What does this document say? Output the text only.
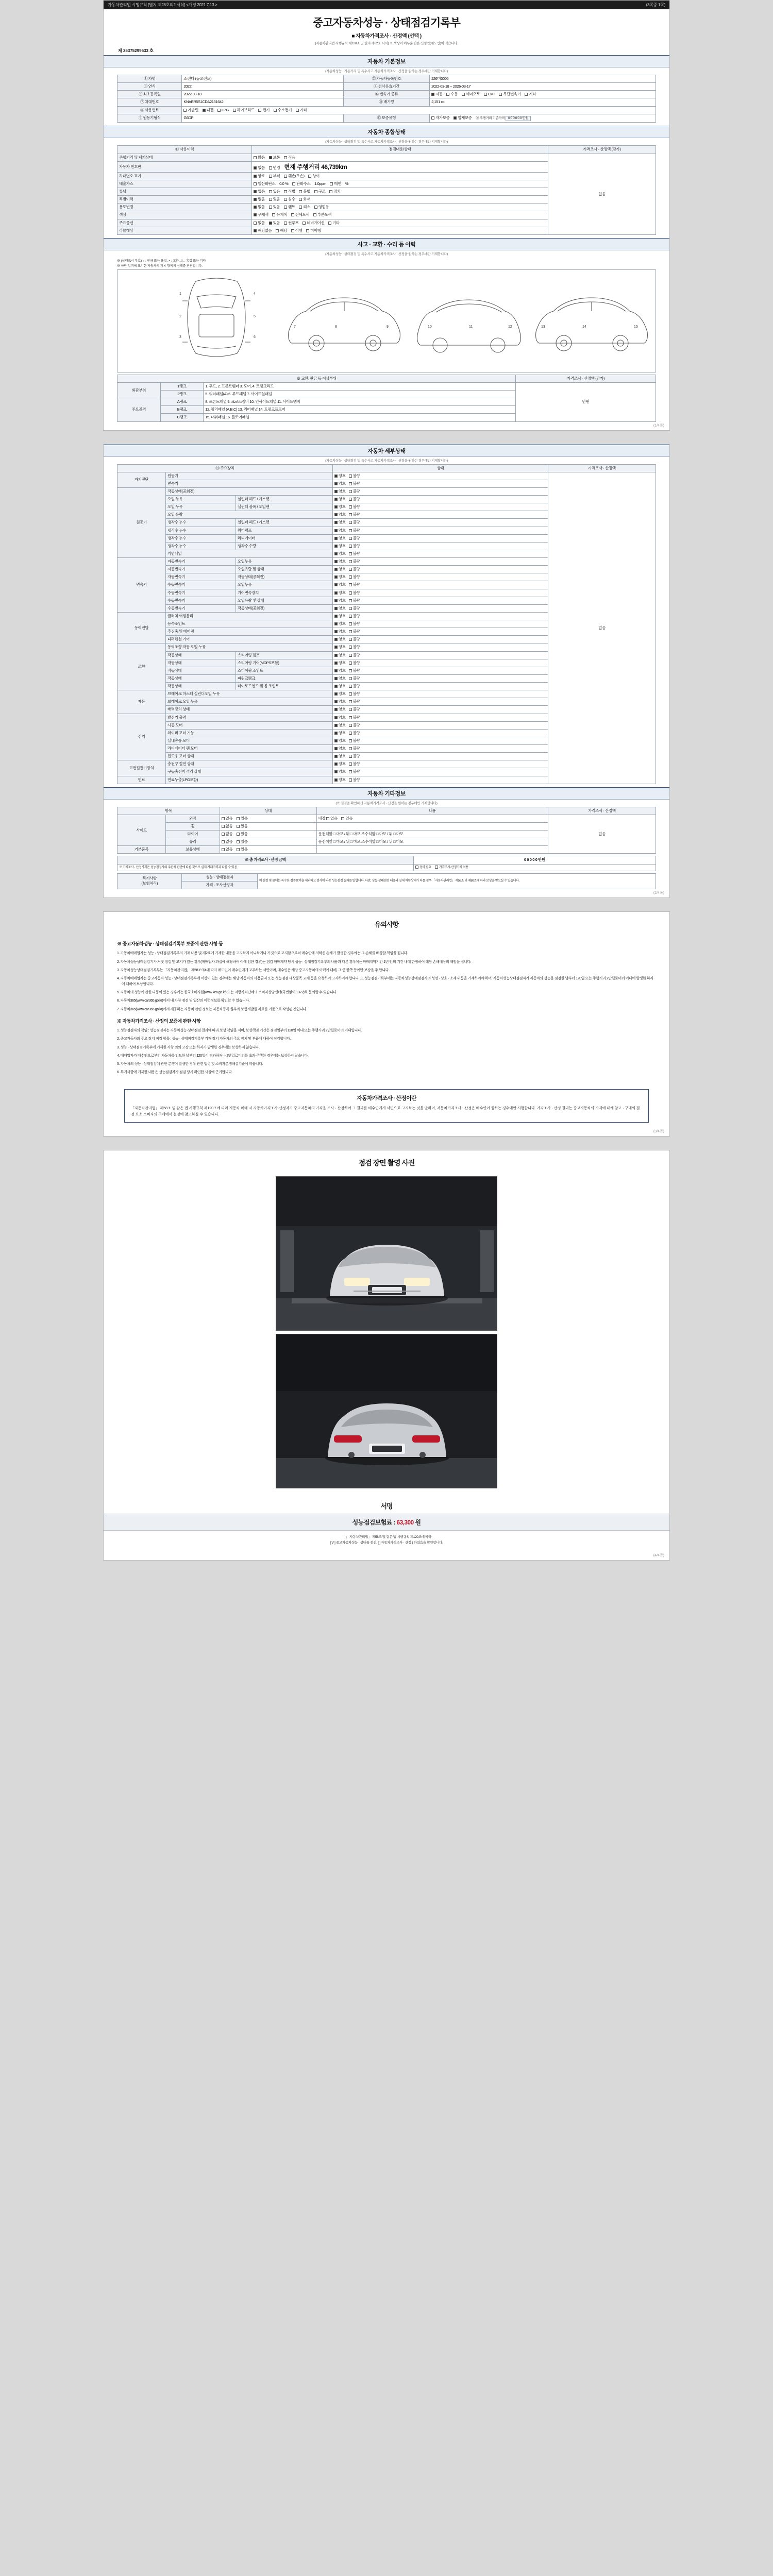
자동차관리법 시행규칙 [별지 제28호의2 서식] <개정 2021.7.13.>	(3쪽중 1쪽)
중고자동차성능 · 상태점검기록부
■ 자동차가격조사 · 산정액 (선택 )
(자동차관리법 시행규칙 제120조 및 별지 제82호 서식) ※ 색상이 어두운 란은 신청인(매도인)이 적습니다.
제 25375299533 호
자동차 기본정보
(자동차성능 · 가동거리 및 특수사고 자동차가격조사 · 산정을 원하는 경우에만 기재합니다)
① 차명	소렌타 (뉴쏘렌토)	② 자동차등록번호	226머0006
③ 연식	2022	④ 검사유효기간	2022-03-18 ~ 2026-03-17
⑤ 최초등록일	2022-03-18	⑥ 변속기 종류	자동 수동 세미오토 CVT 무단변속기 기타
⑦ 차대번호	KNAER5S1CDA2131642	⑪ 배기량	2,151 cc
⑧ 사용연료	가솔린 디젤 LPG 하이브리드 전기 수소전기 기타		
⑨ 원동기형식	G6DP	⑩ 보증유형	자가보증 업체보증 ⑩ 주행거리 기준가격 0 0 0 0 0 0 만원
자동차 종합상태
(자동차성능 · 상태점검 및 특수사고 자동차가격조사 · 산정을 원하는 경우에만 기재합니다)
⑬ 사용이력	점검내용/상태	가격조사 · 산정액 (감가)
주행거리 및 계기상태	많음 보통 적음	없음
자동차 번호판	없음 변경 현재 주행거리 46,739km	
차대번호 표기	양호 부식 훼손(오손) 상이	
배출가스	일산화탄소 0.0 % 탄화수소 1.0ppm 매연 %	
튜닝	없음 있음 적법 불법 구조 장치	
특별이력	없음 있음 침수 화재	
용도변경	없음 있음 렌트 리스 영업용	
색상	무채색 유채색 전체도색 부분도색	
주요옵션	없음 있음 썬루프 네비게이션 기타	
리콜대상	해당없음 해당 이행 미이행	
사고 · 교환 · 수리 등 이력
(자동차성능 · 상태점검 및 특수사고 자동차가격조사 · 산정을 원하는 경우에만 기재합니다)
※ (상태표시 부호) ○ : 판금 또는 용접, × : 교환, △ : 흠집 또는 기타
※ 하단 입력에 표기한 자동차의 기록 항목의 상태를 판단합니다.
1
2
3
4
5
6
7	8	9	10	11	12	13	14	15
※ 교환, 판금 등 이상부위			가격조사 · 산정액 (감가)
외판부위	1랭크	1. 후드, 2. 프론트휀더 3. 도어, 4. 트렁크리드	만원
	2랭크	5. 쿼터패널(A) 6. 루프패널 7. 사이드실패널	
주요골격	A랭크	8. 프론트패널 9. 크로스멤버 10. 인사이드패널 11. 사이드멤버	
	B랭크	12. 필러패널 (A,B,C) 13. 리어패널 14. 트렁크플로어	
	C랭크	15. 대쉬패널 16. 플로어패널	
(1/4쪽)
자동차 세부상태
(자동차성능 · 상태점검 및 특수사고 자동차가격조사 · 산정을 원하는 경우에만 기재합니다)
⑭ 주요장치			상태	가격조사 · 산정액
자기진단	원동기		양호 불량	없음
	변속기		양호 불량	
원동기	작동상태(공회전)		양호 불량	
	오일 누유	실린더 헤드 / 가스켓	양호 불량	
	오일 누유	실린더 블록 / 오일팬	양호 불량	
	오일 유량		양호 불량	
	냉각수 누수	실린더 헤드 / 가스켓	양호 불량	
	냉각수 누수	워터펌프	양호 불량	
	냉각수 누수	라디에이터	양호 불량	
	냉각수 누수	냉각수 수량	양호 불량	
	커먼레일		양호 불량	
변속기	자동변속기	오일누유	양호 불량	
	자동변속기	오일유량 및 상태	양호 불량	
	자동변속기	작동상태(공회전)	양호 불량	
	수동변속기	오일누유	양호 불량	
	수동변속기	기어변속장치	양호 불량	
	수동변속기	오일유량 및 상태	양호 불량	
	수동변속기	작동상태(공회전)	양호 불량	
동력전달	클러치 어셈블리		양호 불량	
	등속조인트		양호 불량	
	추진축 및 베어링		양호 불량	
	디퍼렌셜 기어		양호 불량	
조향	동력조향 작동 오일 누유		양호 불량	
	작동상태	스티어링 펌프	양호 불량	
	작동상태	스티어링 기어(MDPS포함)	양호 불량	
	작동상태	스티어링 조인트	양호 불량	
	작동상태	파워크랭크	양호 불량	
	작동상태	타이로드엔드 및 볼 조인트	양호 불량	
제동	브레이크 마스터 실린더오일 누유		양호 불량	
	브레이크 오일 누유		양호 불량	
	배력장치 상태		양호 불량	
전기	발전기 출력		양호 불량	
	시동 모터		양호 불량	
	와이퍼 모터 기능		양호 불량	
	실내송풍 모터		양호 불량	
	라디에이터 팬 모터		양호 불량	
	윈도우 모터 상태		양호 불량	
고전원전기장치	충전구 절연 상태		양호 불량	
	구동축전지 격리 상태		양호 불량	
연료	연료누출(LPG포함)		양호 불량	
자동차 기타정보
(※ 점검을 확인하신 자동차가격조사 · 산정을 원하는 경우에만 기재합니다)
항목		상태	내용	가격조사 · 산정액
사이드	외장	없음 있음	내장 없음 있음	없음
	휠	없음 있음		
	타이어	없음 있음	운전석앞 □ 마모 / 뒤 □ 마모 조수석앞 □ 마모 / 뒤 □ 마모	
	유리	없음 있음	운전석앞 □ 마모 / 뒤 □ 마모 조수석앞 □ 마모 / 뒤 □ 마모	
기본품목	보유상태	없음 있음		
※ 총 가격조사 · 산정 금액	0 0 0 0 0 만원
※ 가격조사 · 산정가격은 성능점검자의 주관적 판단에 따른 것으로 실제 거래가격과 다를 수 있음	정비 필요 가격조사·산정가격 적용
특기사항
(보험처리)	성능 · 상태점검자	이 점검 및 물에는 특수한 검증요액을 제외하고 검사에 의존 성능점검 결과를 말합니다. 다만, 성능·상태점검 내용과 실제 차량상태가 다를 경우 「자동차관리법」 제58조 및 제80조에 따라 보상을 받으실 수 있습니다.
가격 · 조사산정자
(2/4쪽)
유의사항
※ 중고자동차성능 · 상태점검기록부 보증에 관한 사항 등

1. 가동차매매업자는 성능 · 상태점검기록부의 기재 내용 및 제2호에 기재한 내용을 고지하지 아니하거나 거짓으로 고지함으로써 매수인에 의하신 손해가 발생한 경우에는 그 손해를 배상할 책임을 집니다.

2. 자동차성능상태점검기가 거짓 점검 및 고지가 있는 경우(매매업자 과실에 해당하여 이에 임한 경우)는 점검 매매계약 당시 성능 · 상태점검기록부의 내용과 다른 경우에는 매매계약기간 1년 안의 기간 내에 한정하여 해당 손해배상의 책임을 집니다.

3. 자동차성능상태점검기록부는 「자동차관리법」 제58조의4에 따라 매도인이 매수인에게 교부하는 서면이며, 매수인은 해당 중고자동차의 이력에 대해, 그 중 한쪽 등에만 보장을 주 합니다.

4. 자동차매매업자는 중고자동차 성능 · 상태점검기록부에 이상이 있는 경우에는 해당 자동차의 사용금지 또는 성능점검 대상품목 교체 등을 요청하여 고지하여야 합니다. 또 성능점검기록부에는 자동차성능상태점검자의 성명 · 상호 · 소재지 등을 기재하여야 하며, 자동차성능상태점검자가 자동차의 성능을 점검한 날부터 120일 또는 주행거리 2만킬로미터 이내에 발생한 하자에 대하여 보상합니다.

5. 자동차의 성능에 관한 다툼이 있는 경우에는 한국소비자원(www.kca.go.kr) 또는 지방자치단체의 소비자상담센터(국번없이 1372)로 문의할 수 있습니다.

6. 자동차365(www.car365.go.kr)에서 내 차량 점검 및 일산의 이력정보를 확인할 수 있습니다.

7. 자동차365(www.car365.go.kr)에서 제공하는 자동차 관련 정보는 자동차등록 원부와 보험개발원 자료를 기준으로 작성된 것입니다.

※ 자동차가격조사 · 산정의 보증에 관한 사항

1. 성능점검자의 책임 : 성능점검자는 자동차성능·상태점검 결과에 따라 보상 책임을 지며, 보상책임 기간은 점검일부터 120일 이내 또는 주행거리 2만킬로미터 이내입니다.

2. 중고자동차의 주요 장치 점검 항목 : 성능 · 상태점검기록부 기재 장치 자동차의 주요 장치 및 부품에 대하여 점검합니다.

3. 성능 · 상태점검기록부에 기재한 사항 외의 고장 또는 하자가 발생한 경우에는 보상하지 않습니다.

4. 매매업자가 매수인으로부터 자동차를 인도한 날부터 120일이 경과하거나 2만킬로미터를 초과 주행한 경우에는 보상하지 않습니다.

5. 자동차의 성능 · 상태점검에 관한 분쟁이 발생한 경우 관련 법령 및 소비자분쟁해결기준에 따릅니다.

6. 특기사항에 기재한 내용은 성능점검자가 점검 당시 확인한 사실에 근거합니다.

자동차가격조사 · 산정이란
「자동차관리법」 제58조 및 같은 법 시행규칙 제120조에 따라 자동차 매매 시 자동차가격조사·산정자가 중고자동차의 가격을 조사 · 산정하여 그 결과를 매수인에게 서면으로 고지하는 것을 말하며, 자동차가격조사 · 산정은 매수인이 원하는 경우에만 시행합니다. 가격조사 · 산정 결과는 중고자동차의 가격에 대해 참고 · 구매의 결정 요소 소비자의 구매에서 결정에 참고하실 수 있습니다.
(3/4쪽)
점검 장면 촬영 사진
서명
성능점검보험료 : 63,300 원
「 」 자동차관리법」 제58조 및 같은 법 시행규칙 제120조에 따라
[ Ⅴ ] 중고자동차성능 · 상태를 점검, [ ] 자동차가격조사 · 산정 ) 하였음을 확인합니다.
(4/4쪽)
